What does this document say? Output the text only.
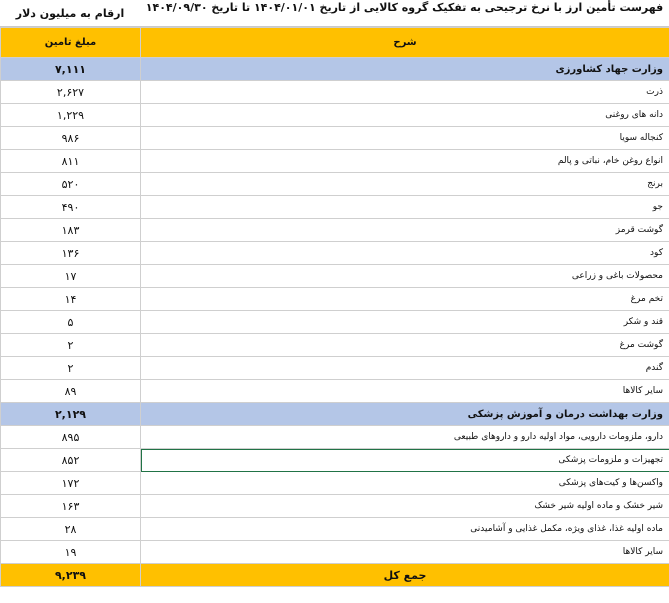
فهرست تأمین ارز با نرخ ترجیحی به تفکیک گروه کالایی از تاریخ ۱۴۰۴/۰۱/۰۱ تا تاریخ ۱۴۰۴/۰۹/۳۰
ارقام به میلیون دلار
شرح	مبلغ تامین
وزارت جهاد کشاورزی	۷,۱۱۱
ذرت	۲,۶۲۷
دانه های روغنی	۱,۲۲۹
کنجاله سویا	۹۸۶
انواع روغن خام، نباتی و پالم	۸۱۱
برنج	۵۲۰
جو	۴۹۰
گوشت قرمز	۱۸۳
کود	۱۳۶
محصولات باغی و زراعی	۱۷
تخم مرغ	۱۴
قند و شکر	۵
گوشت مرغ	۲
گندم	۲
سایر کالاها	۸۹
وزارت بهداشت درمان و آموزش پزشکی	۲,۱۲۹
دارو، ملزومات دارویی، مواد اولیه دارو و داروهای طبیعی	۸۹۵
تجهیزات و ملزومات پزشکی	۸۵۲
واکسن‌ها و کیت‌های پزشکی	۱۷۲
شیر خشک و ماده اولیه شیر خشک	۱۶۳
ماده اولیه غذا، غذای ویژه، مکمل غذایی و آشامیدنی	۲۸
سایر کالاها	۱۹
جمع کل	۹,۲۳۹
